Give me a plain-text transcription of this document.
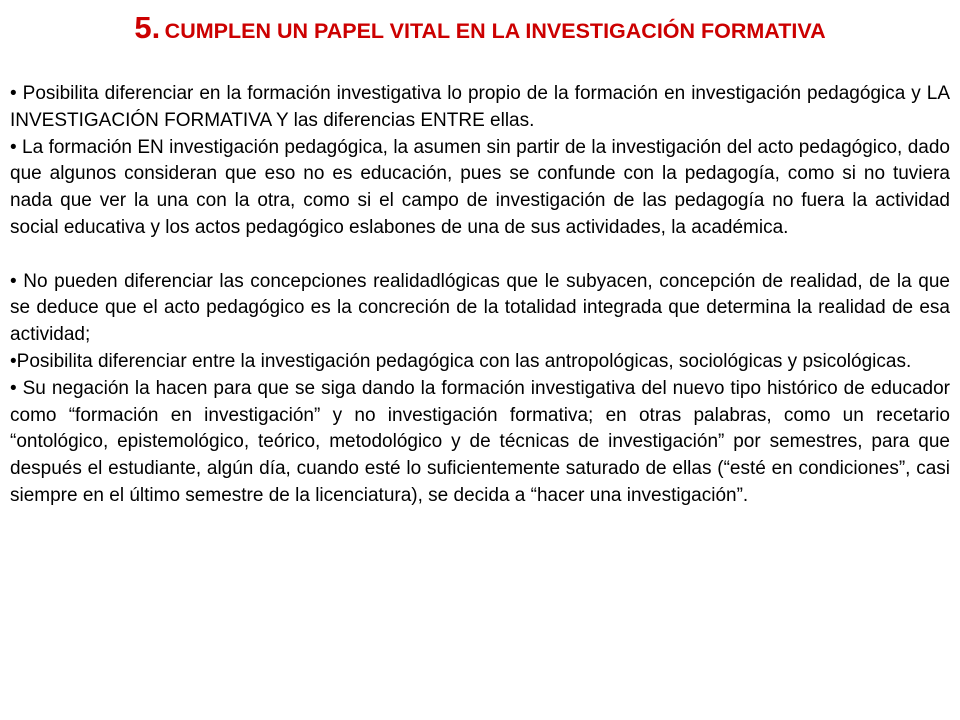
5. CUMPLEN UN PAPEL VITAL EN LA INVESTIGACIÓN FORMATIVA

• Posibilita diferenciar en la formación investigativa lo propio de la formación en investigación pedagógica y LA INVESTIGACIÓN FORMATIVA Y las diferencias ENTRE ellas.

• La formación EN investigación pedagógica, la asumen sin partir de la investigación del acto pedagógico, dado que algunos consideran que eso no es educación, pues se confunde con la pedagogía, como si no tuviera nada que ver la una con la otra, como si el campo de investigación de las pedagogía no fuera la actividad social educativa y los actos pedagógico eslabones de una de sus actividades, la académica.

• No pueden diferenciar las concepciones realidadlógicas que le subyacen, concepción de realidad, de la que se deduce que el acto pedagógico es la concreción de la totalidad integrada que determina la realidad de esa actividad;

•Posibilita diferenciar entre la investigación pedagógica con las antropológicas, sociológicas y psicológicas.

• Su negación la hacen para que se siga dando la formación investigativa del nuevo tipo histórico de educador como “formación en investigación” y no investigación formativa; en otras palabras, como un recetario “ontológico, epistemológico, teórico, metodológico y de técnicas de investigación” por semestres, para que después el estudiante, algún día, cuando esté lo suficientemente saturado de ellas (“esté en condiciones”, casi siempre en el último semestre de la licenciatura), se decida a “hacer una investigación”.
